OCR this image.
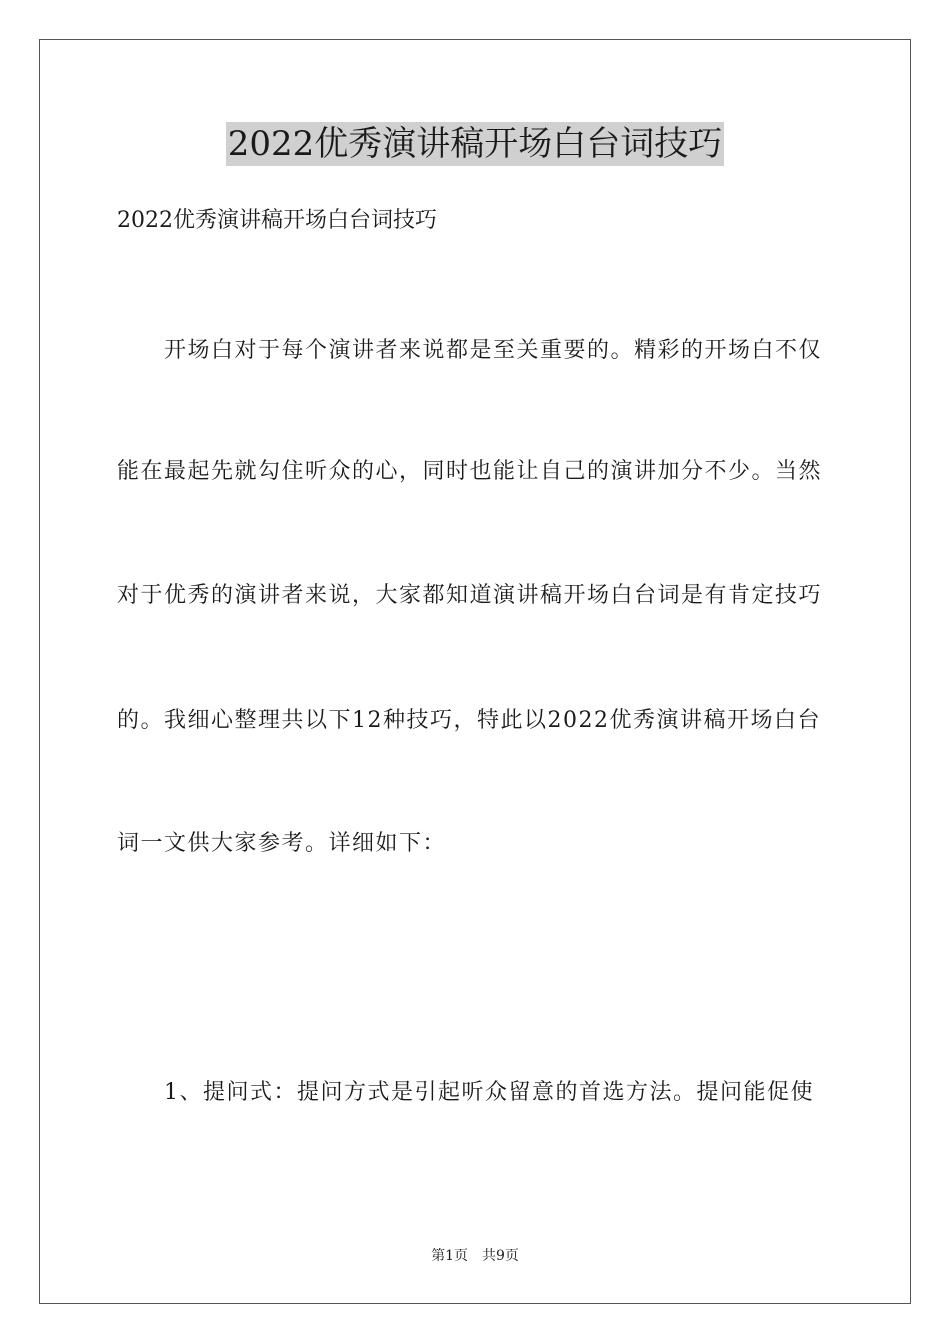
2022优秀演讲稿开场白台词技巧
2022优秀演讲稿开场白台词技巧
　　开场白对于每个演讲者来说都是至关重要的。精彩的开场白不仅
能在最起先就勾住听众的心，同时也能让自己的演讲加分不少。当然
对于优秀的演讲者来说，大家都知道演讲稿开场白台词是有肯定技巧
的。我细心整理共以下12种技巧，特此以2022优秀演讲稿开场白台
词一文供大家参考。详细如下：
　　1、提问式：提问方式是引起听众留意的首选方法。提问能促使
第1页　共9页
